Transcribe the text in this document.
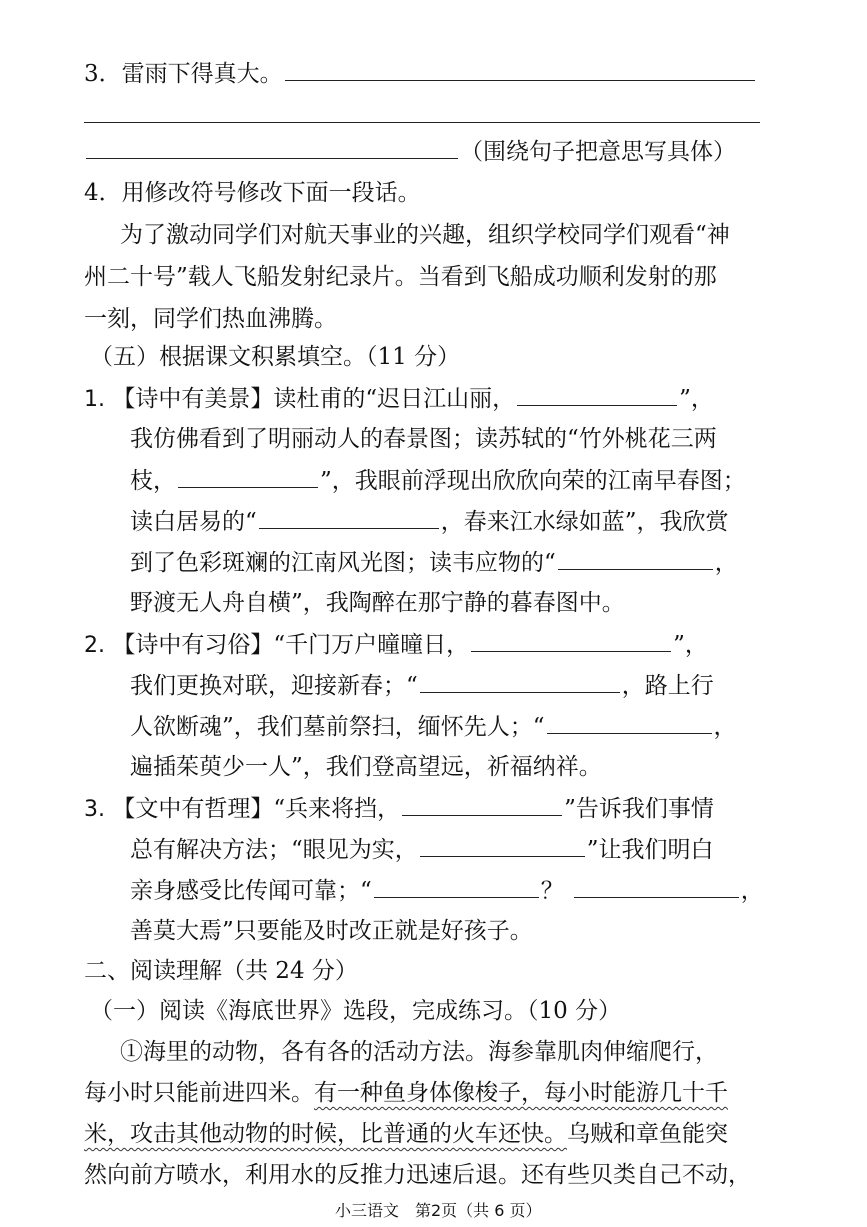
3．雷雨下得真大。
（围绕句子把意思写具体）
4．用修改符号修改下面一段话。
为了激动同学们对航天事业的兴趣，组织学校同学们观看“神
州二十号”载人飞船发射纪录片。当看到飞船成功顺利发射的那
一刻，同学们热血沸腾。
（五）根据课文积累填空。（11 分）
1. 【诗中有美景】读杜甫的“迟日江山丽，	”，
我仿佛看到了明丽动人的春景图；读苏轼的“竹外桃花三两
枝，	”，我眼前浮现出欣欣向荣的江南早春图；
读白居易的“	，春来江水绿如蓝”，我欣赏
到了色彩斑斓的江南风光图；读韦应物的“	，
野渡无人舟自横”，我陶醉在那宁静的暮春图中。
2. 【诗中有习俗】“千门万户曈曈日，	”，
我们更换对联，迎接新春；“	，路上行
人欲断魂”，我们墓前祭扫，缅怀先人；“	，
遍插茱萸少一人”，我们登高望远，祈福纳祥。
3. 【文中有哲理】“兵来将挡，	”告诉我们事情
总有解决方法；“眼见为实，	”让我们明白
亲身感受比传闻可靠；“	？	，
善莫大焉”只要能及时改正就是好孩子。
二、阅读理解（共 24 分）
（一）阅读《海底世界》选段，完成练习。（10 分）
①海里的动物，各有各的活动方法。海参靠肌肉伸缩爬行，
每小时只能前进四米。有一种鱼身体像梭子，每小时能游几十千
米，攻击其他动物的时候，比普通的火车还快。乌贼和章鱼能突
然向前方喷水，利用水的反推力迅速后退。还有些贝类自己不动，
小三语文　第2页（共 6 页）
